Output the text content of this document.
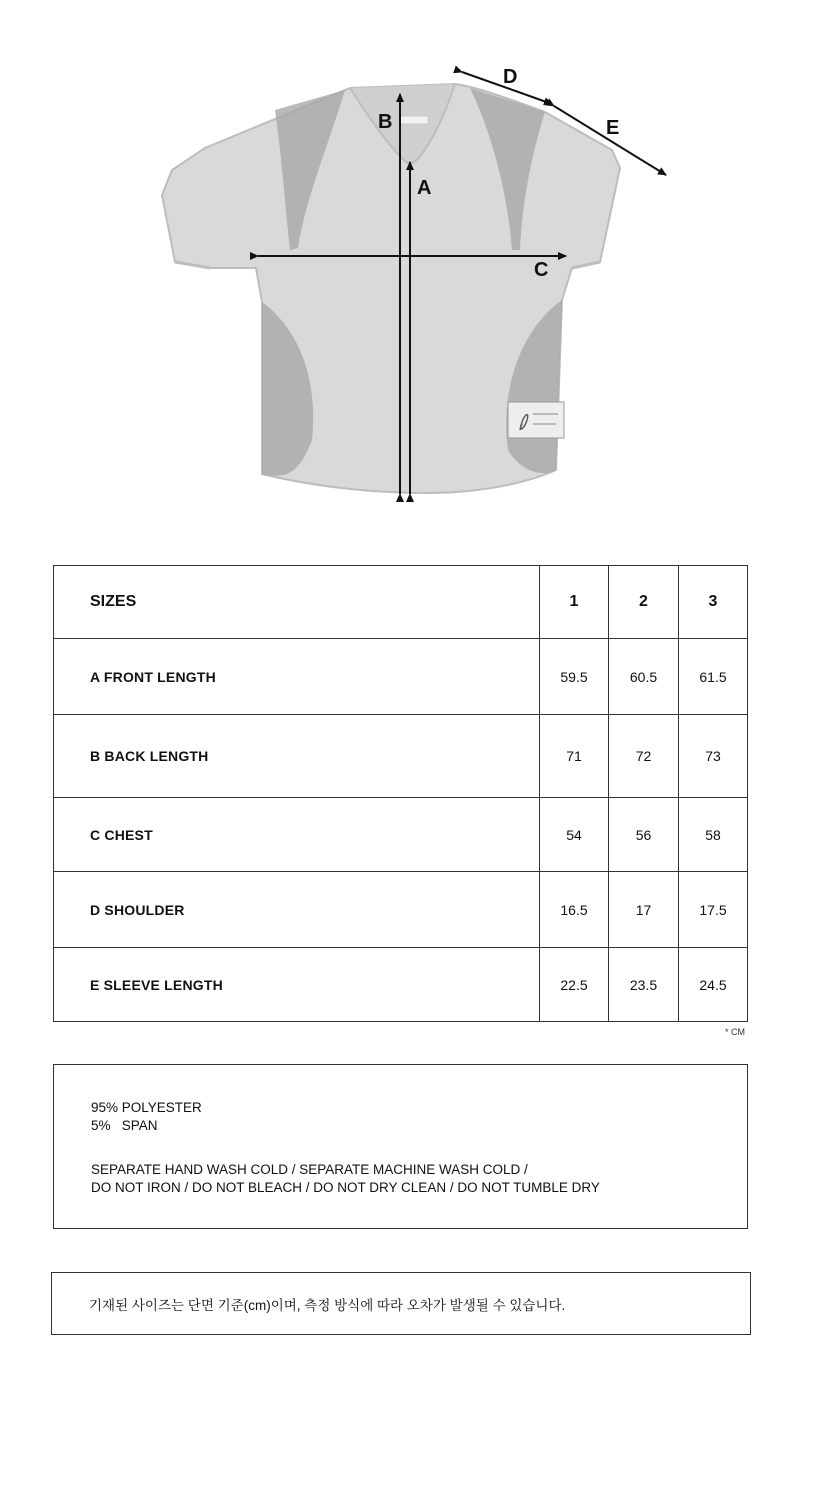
A
B
C
D
E
SIZES	1	2	3
A FRONT LENGTH	59.5	60.5	61.5
B BACK LENGTH	71	72	73
C CHEST	54	56	58
D SHOULDER	16.5	17	17.5
E SLEEVE LENGTH	22.5	23.5	24.5
* CM
95% POLYESTER
5%   SPAN
SEPARATE HAND WASH COLD / SEPARATE MACHINE WASH COLD /
DO NOT IRON / DO NOT BLEACH / DO NOT DRY CLEAN / DO NOT TUMBLE DRY
기재된 사이즈는 단면 기준(cm)이며, 측정 방식에 따라 오차가 발생될 수 있습니다.
